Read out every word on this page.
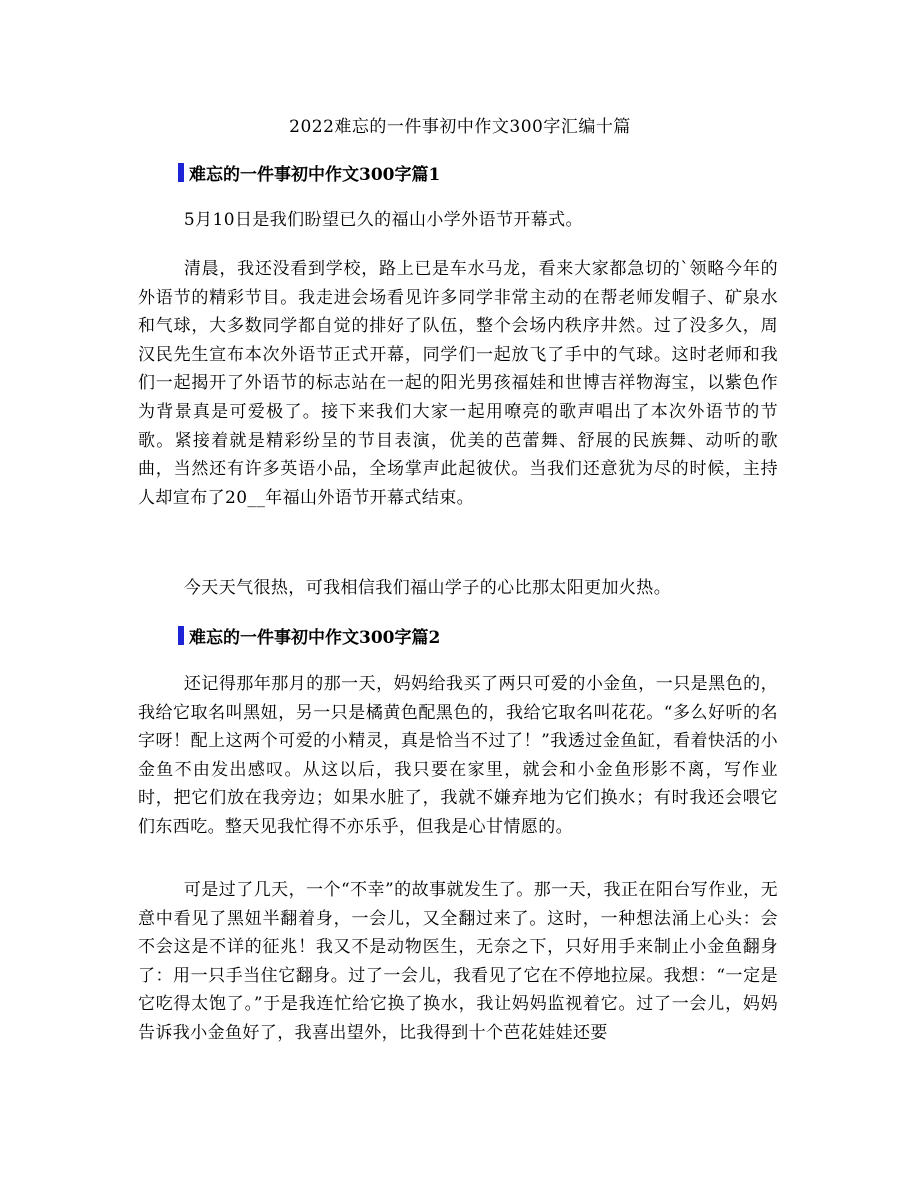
2022难忘的一件事初中作文300字汇编十篇
难忘的一件事初中作文300字篇1

5月10日是我们盼望已久的福山小学外语节开幕式。

清晨，我还没看到学校，路上已是车水马龙，看来大家都急切的`领略今年的外语节的精彩节目。我走进会场看见许多同学非常主动的在帮老师发帽子、矿泉水和气球，大多数同学都自觉的排好了队伍，整个会场内秩序井然。过了没多久，周汉民先生宣布本次外语节正式开幕，同学们一起放飞了手中的气球。这时老师和我们一起揭开了外语节的标志站在一起的阳光男孩福娃和世博吉祥物海宝，以紫色作为背景真是可爱极了。接下来我们大家一起用嘹亮的歌声唱出了本次外语节的节歌。紧接着就是精彩纷呈的节目表演，优美的芭蕾舞、舒展的民族舞、动听的歌曲，当然还有许多英语小品，全场掌声此起彼伏。当我们还意犹为尽的时候，主持人却宣布了20__年福山外语节开幕式结束。

今天天气很热，可我相信我们福山学子的心比那太阳更加火热。

难忘的一件事初中作文300字篇2

还记得那年那月的那一天，妈妈给我买了两只可爱的小金鱼，一只是黑色的，我给它取名叫黑妞，另一只是橘黄色配黑色的，我给它取名叫花花。“多么好听的名字呀！配上这两个可爱的小精灵，真是恰当不过了！”我透过金鱼缸，看着快活的小金鱼不由发出感叹。从这以后，我只要在家里，就会和小金鱼形影不离，写作业时，把它们放在我旁边；如果水脏了，我就不嫌弃地为它们换水；有时我还会喂它们东西吃。整天见我忙得不亦乐乎，但我是心甘情愿的。

可是过了几天，一个“不幸”的故事就发生了。那一天，我正在阳台写作业，无意中看见了黑妞半翻着身，一会儿，又全翻过来了。这时，一种想法涌上心头：会不会这是不详的征兆！我又不是动物医生，无奈之下，只好用手来制止小金鱼翻身了：用一只手当住它翻身。过了一会儿，我看见了它在不停地拉屎。我想：“一定是它吃得太饱了。”于是我连忙给它换了换水，我让妈妈监视着它。过了一会儿，妈妈告诉我小金鱼好了，我喜出望外，比我得到十个芭花娃娃还要
